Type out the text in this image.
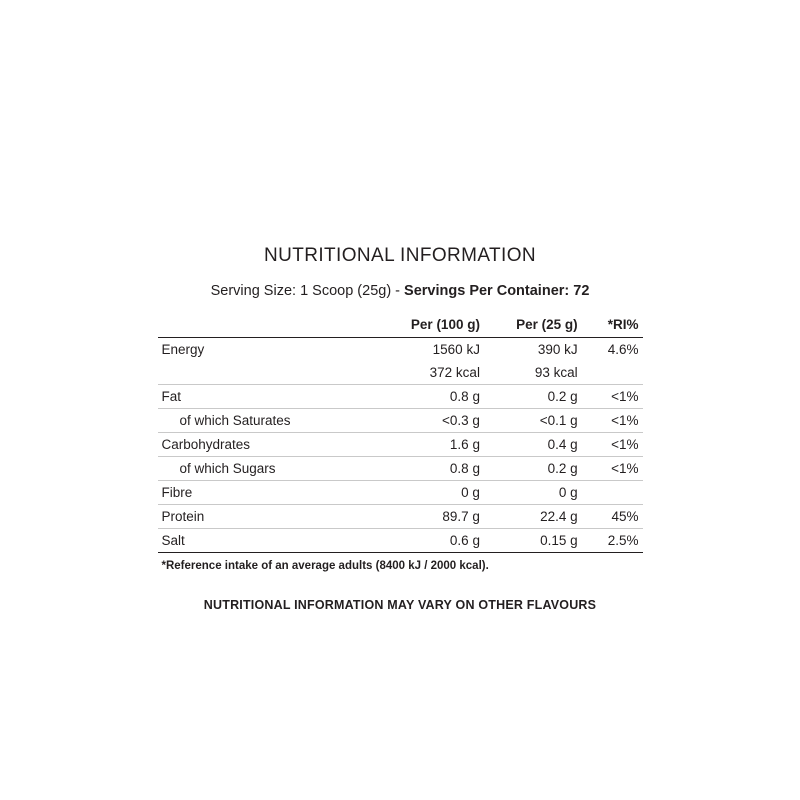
NUTRITIONAL INFORMATION
Serving Size: 1 Scoop (25g) - Servings Per Container: 72
	Per (100 g)	Per (25 g)	*RI%
Energy	1560 kJ	390 kJ	4.6%
	372 kcal	93 kcal	
Fat	0.8 g	0.2 g	<1%
of which Saturates	<0.3 g	<0.1 g	<1%
Carbohydrates	1.6 g	0.4 g	<1%
of which Sugars	0.8 g	0.2 g	<1%
Fibre	0 g	0 g	
Protein	89.7 g	22.4 g	45%
Salt	0.6 g	0.15 g	2.5%
*Reference intake of an average adults (8400 kJ / 2000 kcal).
NUTRITIONAL INFORMATION MAY VARY ON OTHER FLAVOURS
